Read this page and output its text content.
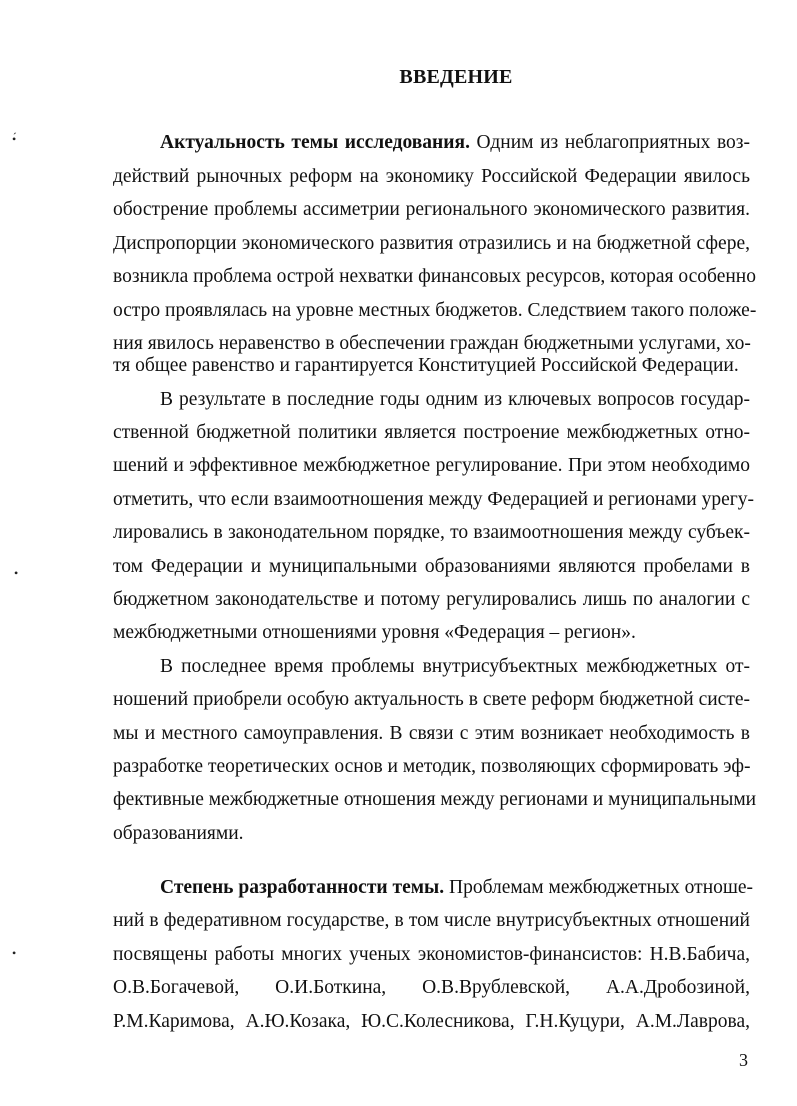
ВВЕДЕНИЕ
•́
•
•
Актуальность темы исследования. Одним из неблагоприятных воз-
действий рыночных реформ на экономику Российской Федерации явилось
обострение проблемы ассиметрии регионального экономического развития.
Диспропорции экономического развития отразились и на бюджетной сфере,
возникла проблема острой нехватки финансовых ресурсов, которая особенно
остро проявлялась на уровне местных бюджетов. Следствием такого положе-
ния явилось неравенство в обеспечении граждан бюджетными услугами, хо-
тя общее равенство и гарантируется Конституцией Российской Федерации.
В результате в последние годы одним из ключевых вопросов государ-
ственной бюджетной политики является построение межбюджетных отно-
шений и эффективное межбюджетное регулирование. При этом необходимо
отметить, что если взаимоотношения между Федерацией и регионами урегу-
лировались в законодательном порядке, то взаимоотношения между субъек-
том Федерации и муниципальными образованиями являются пробелами в
бюджетном законодательстве и потому регулировались лишь по аналогии с
межбюджетными отношениями уровня «Федерация – регион».
В последнее время проблемы внутрисубъектных межбюджетных от-
ношений приобрели особую актуальность в свете реформ бюджетной систе-
мы и местного самоуправления. В связи с этим возникает необходимость в
разработке теоретических основ и методик, позволяющих сформировать эф-
фективные межбюджетные отношения между регионами и муниципальными
образованиями.
Степень разработанности темы. Проблемам межбюджетных отноше-
ний в федеративном государстве, в том числе внутрисубъектных отношений
посвящены работы многих ученых экономистов-финансистов: Н.В.Бабича,
О.В.Богачевой, О.И.Боткина, О.В.Врублевской, А.А.Дробозиной,
Р.М.Каримова, А.Ю.Козака, Ю.С.Колесникова, Г.Н.Куцури, А.М.Лаврова,
3
